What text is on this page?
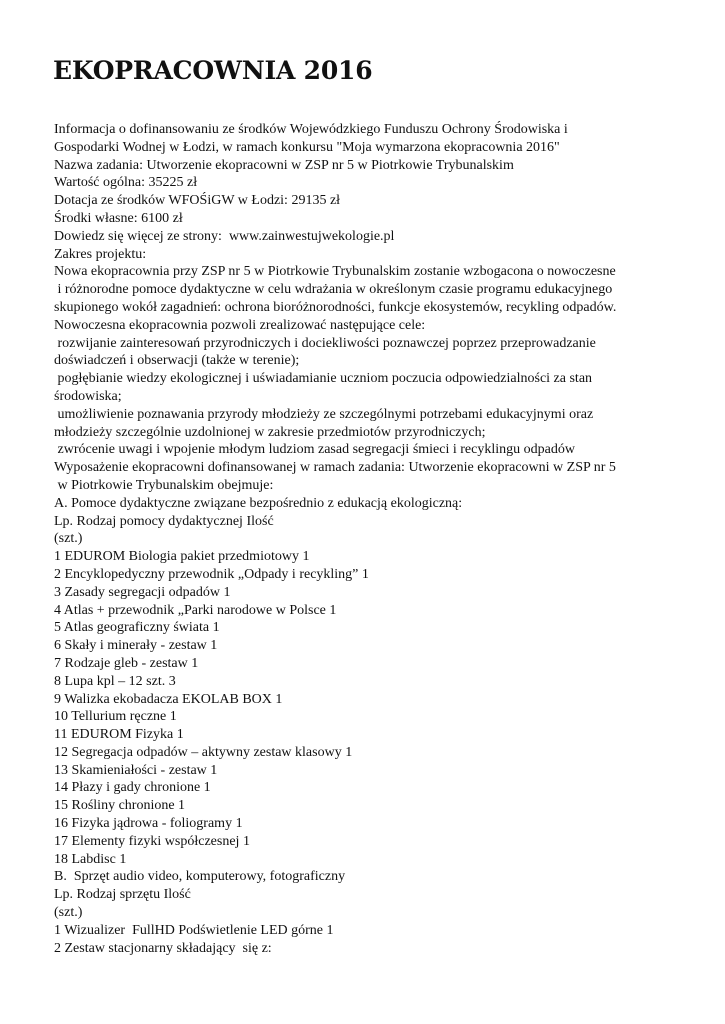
EKOPRACOWNIA 2016
Informacja o dofinansowaniu ze środków Wojewódzkiego Funduszu Ochrony Środowiska i
Gospodarki Wodnej w Łodzi, w ramach konkursu "Moja wymarzona ekopracownia 2016"
Nazwa zadania: Utworzenie ekopracowni w ZSP nr 5 w Piotrkowie Trybunalskim
Wartość ogólna: 35225 zł
Dotacja ze środków WFOŚiGW w Łodzi: 29135 zł
Środki własne: 6100 zł
Dowiedz się więcej ze strony:  www.zainwestujwekologie.pl
Zakres projektu:
Nowa ekopracownia przy ZSP nr 5 w Piotrkowie Trybunalskim zostanie wzbogacona o nowoczesne
i różnorodne pomoce dydaktyczne w celu wdrażania w określonym czasie programu edukacyjnego
skupionego wokół zagadnień: ochrona bioróżnorodności, funkcje ekosystemów, recykling odpadów.
Nowoczesna ekopracownia pozwoli zrealizować następujące cele:
rozwijanie zainteresowań przyrodniczych i dociekliwości poznawczej poprzez przeprowadzanie
doświadczeń i obserwacji (także w terenie);
pogłębianie wiedzy ekologicznej i uświadamianie uczniom poczucia odpowiedzialności za stan
środowiska;
umożliwienie poznawania przyrody młodzieży ze szczególnymi potrzebami edukacyjnymi oraz
młodzieży szczególnie uzdolnionej w zakresie przedmiotów przyrodniczych;
zwrócenie uwagi i wpojenie młodym ludziom zasad segregacji śmieci i recyklingu odpadów
Wyposażenie ekopracowni dofinansowanej w ramach zadania: Utworzenie ekopracowni w ZSP nr 5
w Piotrkowie Trybunalskim obejmuje:
A. Pomoce dydaktyczne związane bezpośrednio z edukacją ekologiczną:
Lp. Rodzaj pomocy dydaktycznej Ilość
(szt.)
1 EDUROM Biologia pakiet przedmiotowy 1
2 Encyklopedyczny przewodnik „Odpady i recykling” 1
3 Zasady segregacji odpadów 1
4 Atlas + przewodnik „Parki narodowe w Polsce 1
5 Atlas geograficzny świata 1
6 Skały i minerały - zestaw 1
7 Rodzaje gleb - zestaw 1
8 Lupa kpl – 12 szt. 3
9 Walizka ekobadacza EKOLAB BOX 1
10 Tellurium ręczne 1
11 EDUROM Fizyka 1
12 Segregacja odpadów – aktywny zestaw klasowy 1
13 Skamieniałości - zestaw 1
14 Płazy i gady chronione 1
15 Rośliny chronione 1
16 Fizyka jądrowa - foliogramy 1
17 Elementy fizyki współczesnej 1
18 Labdisc 1
B.  Sprzęt audio video, komputerowy, fotograficzny
Lp. Rodzaj sprzętu Ilość
(szt.)
1 Wizualizer  FullHD Podświetlenie LED górne 1
2 Zestaw stacjonarny składający  się z:
